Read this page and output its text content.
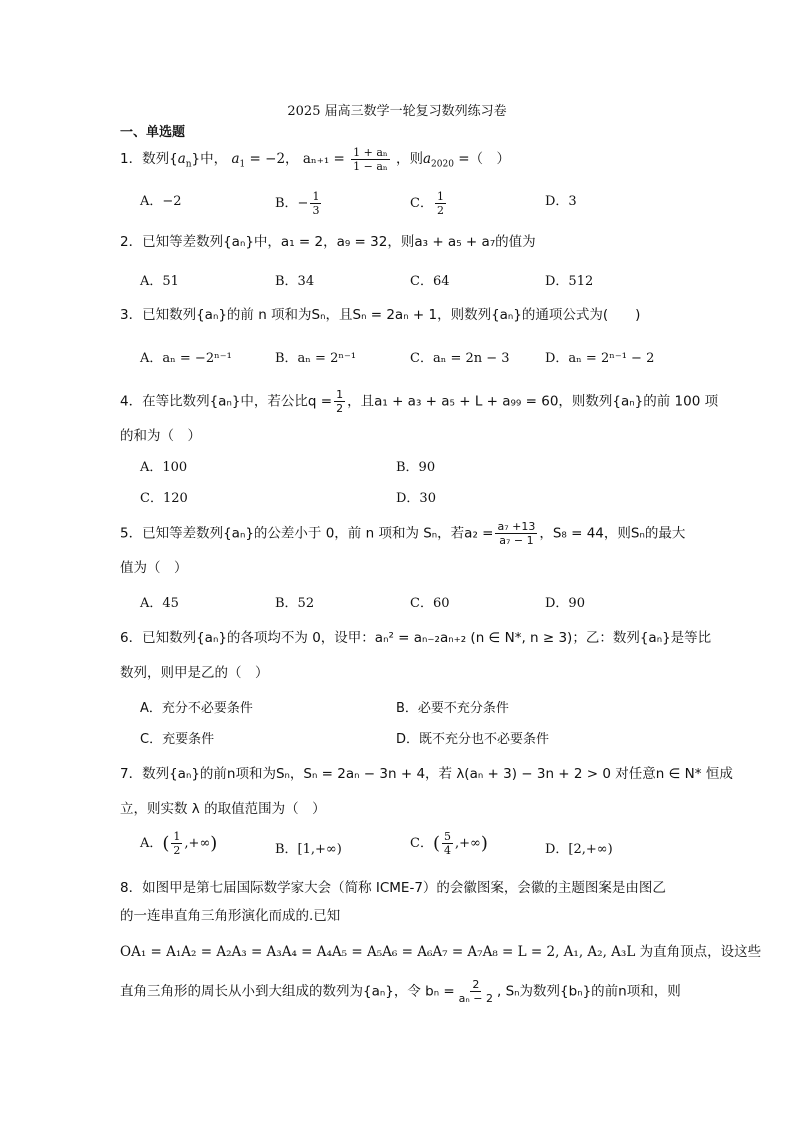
2025 届高三数学一轮复习数列练习卷
一、单选题
1．数列$\{a_n\}$中， $a_1 = -2$， $a_{n+1} = \frac{\text{1 + aₙ}}{\text{1 − aₙ}}$ ，则$a_{2020}$ =（　）
A．−2	B．− $\frac{1}{3}$	C． $\frac{1}{2}$	D．3
2．已知等差数列{aₙ}中，a₁ = 2，a₉ = 32，则a₃ + a₅ + a₇的值为
A．51	B．34	C．64	D．512
3．已知数列{aₙ}的前 n 项和为Sₙ，且Sₙ = 2aₙ + 1，则数列{aₙ}的通项公式为(　　)
A．aₙ = −2ⁿ⁻¹	B．aₙ = 2ⁿ⁻¹	C．aₙ = 2n − 3	D．aₙ = 2ⁿ⁻¹ − 2
4．在等比数列{aₙ}中，若公比$q = \frac{1}{2}$ ，且a₁ + a₃ + a₅ + L + a₉₉ = 60，则数列{aₙ}的前 100 项
的和为（　）
A．100	B．90
C．120	D．30
5．已知等差数列{aₙ}的公差小于 0，前 n 项和为 Sₙ，若$a_2 = \frac{\text{a₇ +13}}{\text{a₇ − 1}}$ ，S₈ = 44，则Sₙ的最大
值为（　）
A．45	B．52	C．60	D．90
6．已知数列{aₙ}的各项均不为 0，设甲：aₙ² = aₙ₋₂aₙ₊₂ (n ∈ N*, n ≥ 3)；乙：数列{aₙ}是等比
数列，则甲是乙的（　）
A．充分不必要条件	B．必要不充分条件
C．充要条件	D．既不充分也不必要条件
7．数列{aₙ}的前n项和为Sₙ，Sₙ = 2aₙ − 3n + 4，若 λ(aₙ + 3) − 3n + 2 > 0 对任意n ∈ N* 恒成
立，则实数 λ 的取值范围为（　）
A．( $\frac{1}{2}$ ,+∞)	B．[1,+∞)	C．( $\frac{5}{4}$ ,+∞)	D．[2,+∞)
8．如图甲是第七届国际数学家大会（简称 ICME-7）的会徽图案，会徽的主题图案是由图乙
的一连串直角三角形演化而成的.已知
OA₁ = A₁A₂ = A₂A₃ = A₃A₄ = A₄A₅ = A₅A₆ = A₆A₇ = A₇A₈ = L = 2, A₁, A₂, A₃L 为直角顶点，设这些
直角三角形的周长从小到大组成的数列为{aₙ}，令 $b_n = \frac{2}{\text{aₙ − 2}}$ , Sₙ为数列{bₙ}的前n项和，则
